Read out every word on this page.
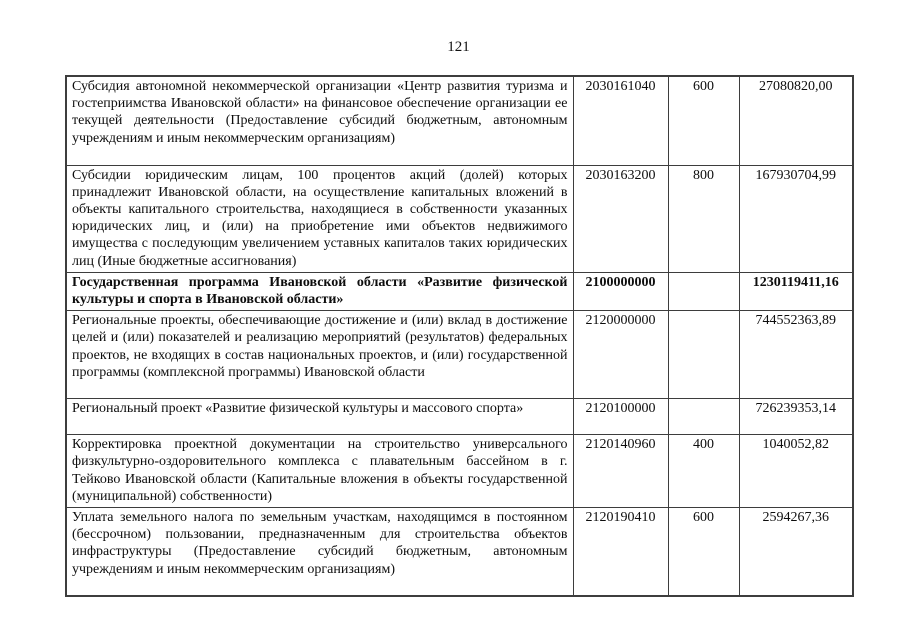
121
Субсидия автономной некоммерческой организации «Центр развития туризма и гостеприимства Ивановской области» на финансовое обеспечение организации ее текущей деятельности (Предоставление субсидий бюджетным, автономным учреждениям и иным некоммерческим организациям)	2030161040	600	27080820,00
Субсидии юридическим лицам, 100 процентов акций (долей) которых принадлежит Ивановской области, на осуществление капитальных вложений в объекты капитального строительства, находящиеся в собственности указанных юридических лиц, и (или) на приобретение ими объектов недвижимого имущества с последующим увеличением уставных капиталов таких юридических лиц (Иные бюджетные ассигнования)	2030163200	800	167930704,99
Государственная программа Ивановской области «Развитие физической культуры и спорта в Ивановской области»	2100000000		1230119411,16
Региональные проекты, обеспечивающие достижение и (или) вклад в достижение целей и (или) показателей и реализацию мероприятий (результатов) федеральных проектов, не входящих в состав национальных проектов, и (или) государственной программы (комплексной программы) Ивановской области	2120000000		744552363,89
Региональный проект «Развитие физической культуры и массового спорта»	2120100000		726239353,14
Корректировка проектной документации на строительство универсального физкультурно-оздоровительного комплекса с плавательным бассейном в г. Тейково Ивановской области (Капитальные вложения в объекты государственной (муниципальной) собственности)	2120140960	400	1040052,82
Уплата земельного налога по земельным участкам, находящимся в постоянном (бессрочном) пользовании, предназначенным для строительства объектов инфраструктуры (Предоставление субсидий бюджетным, автономным учреждениям и иным некоммерческим организациям)	2120190410	600	2594267,36
